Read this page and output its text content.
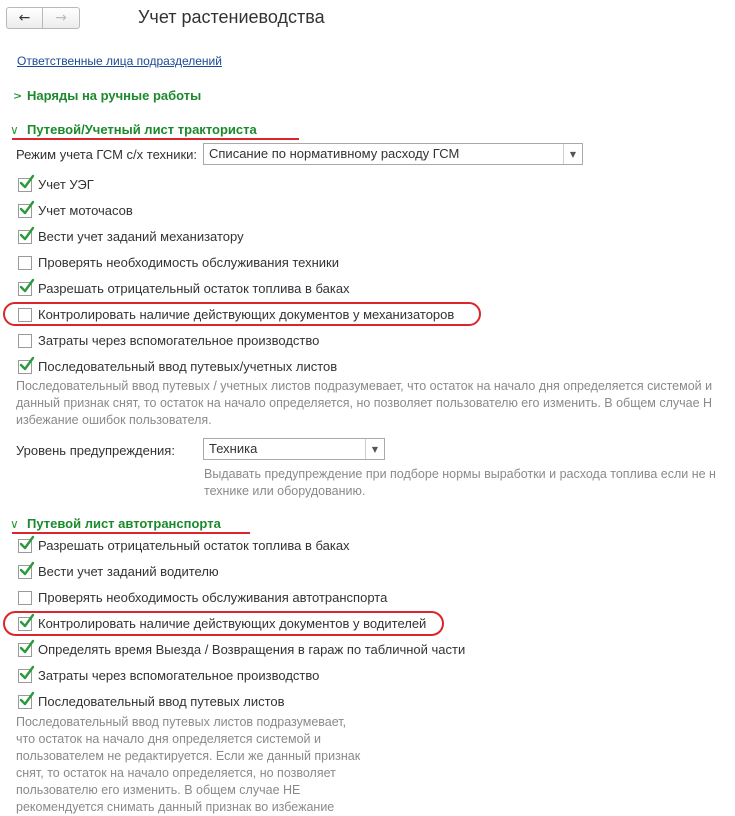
←	→	Учет растениеводства
Ответственные лица подразделений
∨ Наряды на ручные работы
∨ Путевой/Учетный лист тракториста
Режим учета ГСМ с/х техники: Списание по нормативному расходу ГСМ	▼
Учет УЭГ
Учет моточасов
Вести учет заданий механизатору
Проверять необходимость обслуживания техники
Разрешать отрицательный остаток топлива в баках
Контролировать наличие действующих документов у механизаторов
Затраты через вспомогательное производство
Последовательный ввод путевых/учетных листов
Последовательный ввод путевых / учетных листов подразумевает, что остаток на начало дня определяется системой и
данный признак снят, то остаток на начало определяется, но позволяет пользователю его изменить. В общем случае Н
избежание ошибок пользователя.
Уровень предупреждения:	Техника	▼
Выдавать предупреждение при подборе нормы выработки и расхода топлива если не н
технике или оборудованию.
∨ Путевой лист автотранспорта
Разрешать отрицательный остаток топлива в баках
Вести учет заданий водителю
Проверять необходимость обслуживания автотранспорта
Контролировать наличие действующих документов у водителей
Определять время Выезда / Возвращения в гараж по табличной части
Затраты через вспомогательное производство
Последовательный ввод путевых листов
Последовательный ввод путевых листов подразумевает,
что остаток на начало дня определяется системой и
пользователем не редактируется. Если же данный признак
снят, то остаток на начало определяется, но позволяет
пользователю его изменить. В общем случае НЕ
рекомендуется снимать данный признак во избежание
